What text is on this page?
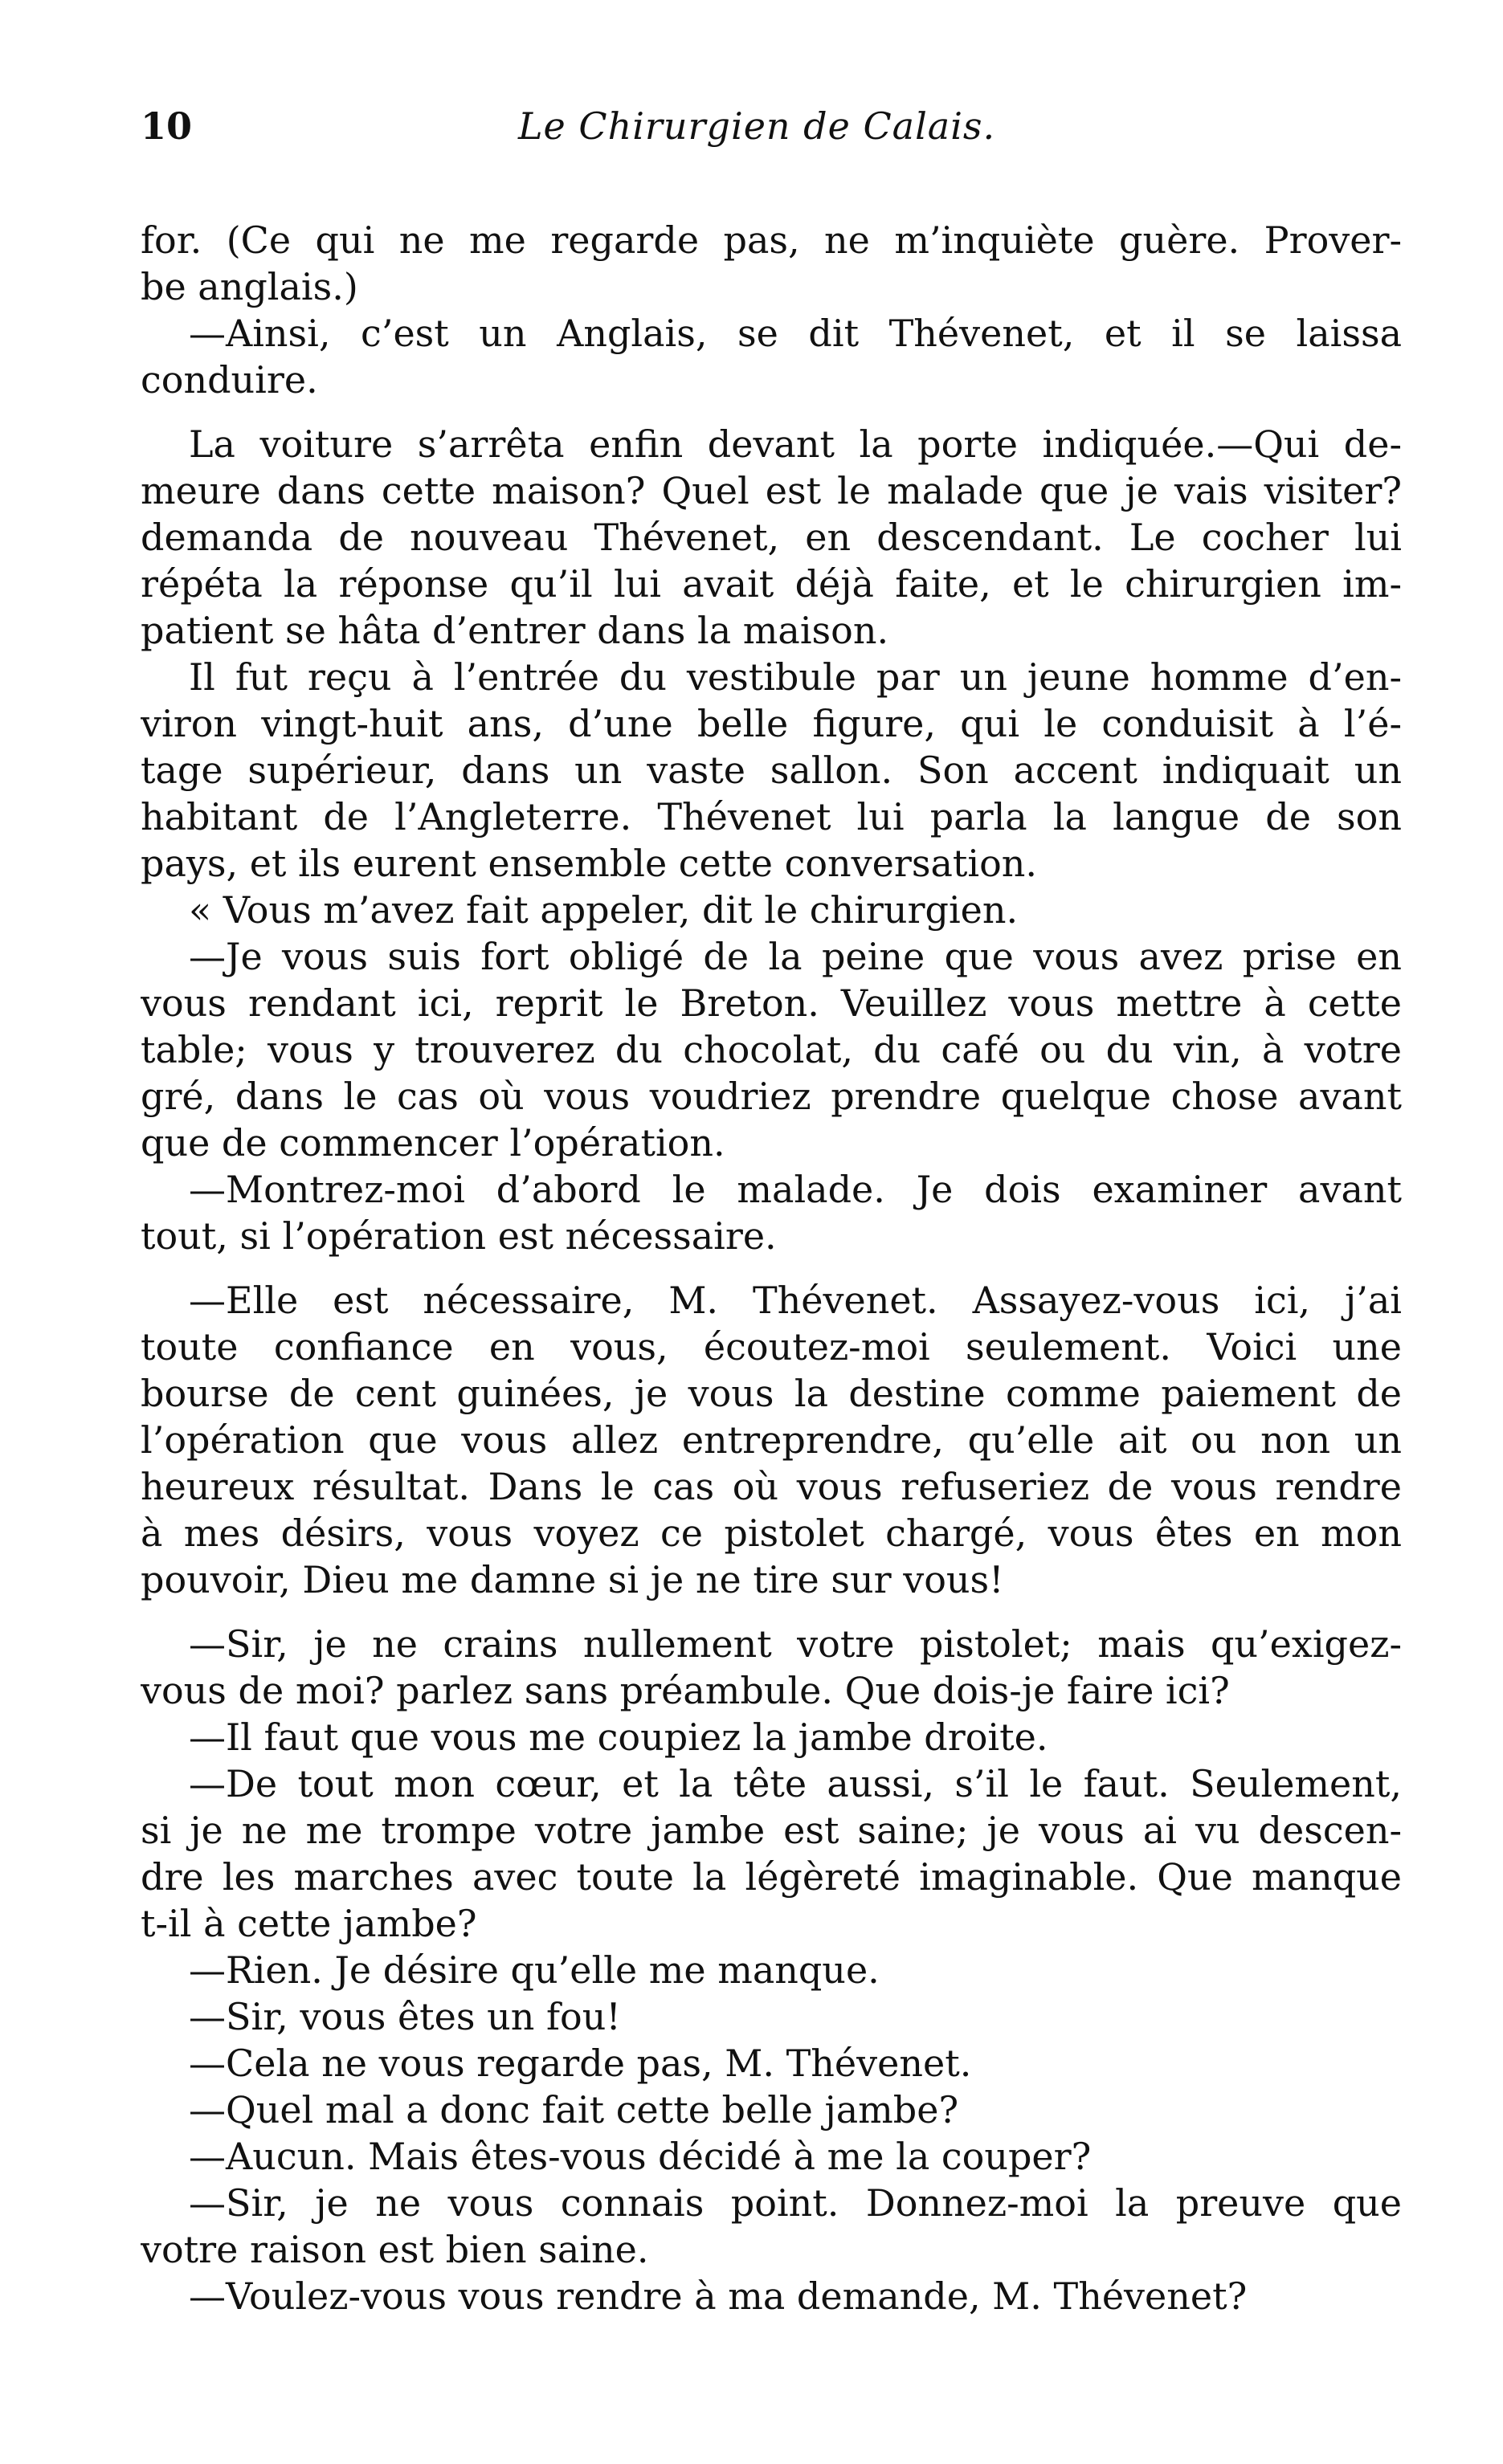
10	Le Chirurgien de Calais.
for. (Ce qui ne me regarde pas, ne m’inquiète guère. Prover-
be anglais.)
—Ainsi, c’est un Anglais, se dit Thévenet, et il se laissa
conduire.
La voiture s’arrêta enfin devant la porte indiquée.—Qui de-
meure dans cette maison? Quel est le malade que je vais visiter?
demanda de nouveau Thévenet, en descendant. Le cocher lui
répéta la réponse qu’il lui avait déjà faite, et le chirurgien im-
patient se hâta d’entrer dans la maison.
Il fut reçu à l’entrée du vestibule par un jeune homme d’en-
viron vingt-huit ans, d’une belle figure, qui le conduisit à l’é-
tage supérieur, dans un vaste sallon. Son accent indiquait un
habitant de l’Angleterre. Thévenet lui parla la langue de son
pays, et ils eurent ensemble cette conversation.
« Vous m’avez fait appeler, dit le chirurgien.
—Je vous suis fort obligé de la peine que vous avez prise en
vous rendant ici, reprit le Breton. Veuillez vous mettre à cette
table; vous y trouverez du chocolat, du café ou du vin, à votre
gré, dans le cas où vous voudriez prendre quelque chose avant
que de commencer l’opération.
—Montrez-moi d’abord le malade. Je dois examiner avant
tout, si l’opération est nécessaire.
—Elle est nécessaire, M. Thévenet. Assayez-vous ici, j’ai
toute confiance en vous, écoutez-moi seulement. Voici une
bourse de cent guinées, je vous la destine comme paiement de
l’opération que vous allez entreprendre, qu’elle ait ou non un
heureux résultat. Dans le cas où vous refuseriez de vous rendre
à mes désirs, vous voyez ce pistolet chargé, vous êtes en mon
pouvoir, Dieu me damne si je ne tire sur vous!
—Sir, je ne crains nullement votre pistolet; mais qu’exigez-
vous de moi? parlez sans préambule. Que dois-je faire ici?
—Il faut que vous me coupiez la jambe droite.
—De tout mon cœur, et la tête aussi, s’il le faut. Seulement,
si je ne me trompe votre jambe est saine; je vous ai vu descen-
dre les marches avec toute la légèreté imaginable. Que manque
t-il à cette jambe?
—Rien. Je désire qu’elle me manque.
—Sir, vous êtes un fou!
—Cela ne vous regarde pas, M. Thévenet.
—Quel mal a donc fait cette belle jambe?
—Aucun. Mais êtes-vous décidé à me la couper?
—Sir, je ne vous connais point. Donnez-moi la preuve que
votre raison est bien saine.
—Voulez-vous vous rendre à ma demande, M. Thévenet?
